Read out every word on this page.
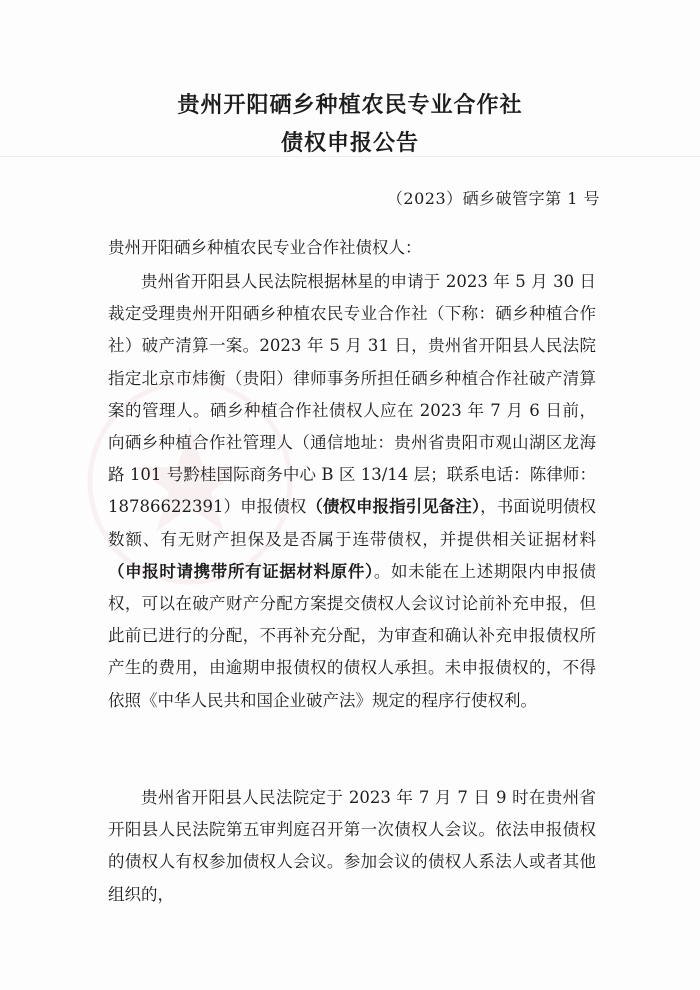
贵州开阳硒乡种植农民专业合作社
债权申报公告
（2023）硒乡破管字第 1 号
贵州开阳硒乡种植农民专业合作社债权人：

贵州省开阳县人民法院根据林星的申请于 2023 年 5 月 30 日裁定受理贵州开阳硒乡种植农民专业合作社（下称：硒乡种植合作社）破产清算一案。2023 年 5 月 31 日，贵州省开阳县人民法院指定北京市炜衡（贵阳）律师事务所担任硒乡种植合作社破产清算案的管理人。硒乡种植合作社债权人应在 2023 年 7 月 6 日前，向硒乡种植合作社管理人（通信地址：贵州省贵阳市观山湖区龙海路 101 号黔桂国际商务中心 B 区 13/14 层；联系电话：陈律师：18786622391）申报债权（债权申报指引见备注），书面说明债权数额、有无财产担保及是否属于连带债权，并提供相关证据材料（申报时请携带所有证据材料原件）。如未能在上述期限内申报债权，可以在破产财产分配方案提交债权人会议讨论前补充申报，但此前已进行的分配，不再补充分配，为审查和确认补充申报债权所产生的费用，由逾期申报债权的债权人承担。未申报债权的，不得依照《中华人民共和国企业破产法》规定的程序行使权利。

贵州省开阳县人民法院定于 2023 年 7 月 7 日 9 时在贵州省开阳县人民法院第五审判庭召开第一次债权人会议。依法申报债权的债权人有权参加债权人会议。参加会议的债权人系法人或者其他组织的，
